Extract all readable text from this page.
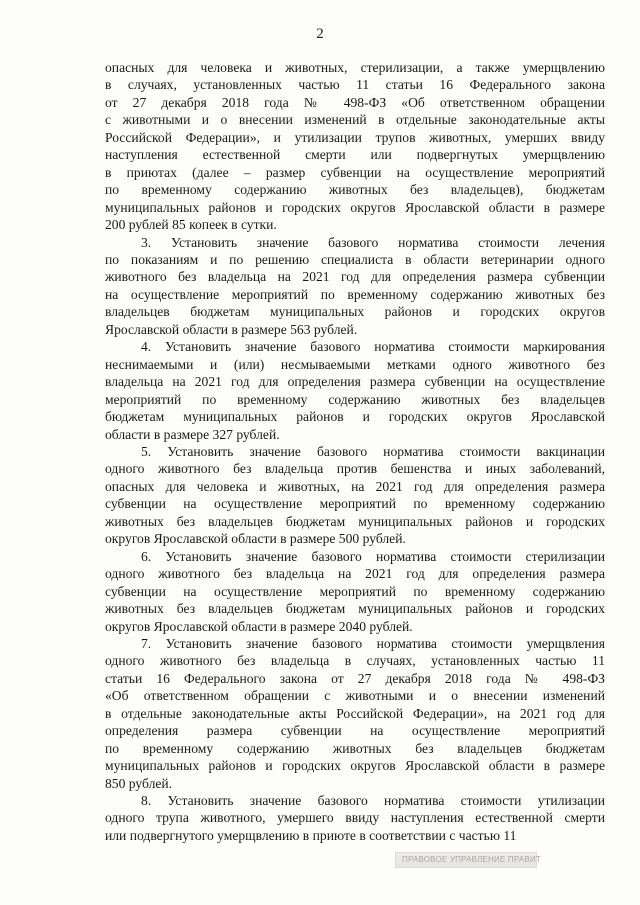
2
опасных для человека и животных, стерилизации, а также умерщвлению
в случаях, установленных частью 11 статьи 16 Федерального закона
от 27 декабря 2018 года № 498-ФЗ «Об ответственном обращении
с животными и о внесении изменений в отдельные законодательные акты
Российской Федерации», и утилизации трупов животных, умерших ввиду
наступления естественной смерти или подвергнутых умерщвлению
в приютах (далее – размер субвенции на осуществление мероприятий
по временному содержанию животных без владельцев), бюджетам
муниципальных районов и городских округов Ярославской области в размере
200 рублей 85 копеек в сутки.
3. Установить значение базового норматива стоимости лечения
по показаниям и по решению специалиста в области ветеринарии одного
животного без владельца на 2021 год для определения размера субвенции
на осуществление мероприятий по временному содержанию животных без
владельцев бюджетам муниципальных районов и городских округов
Ярославской области в размере 563 рублей.
4. Установить значение базового норматива стоимости маркирования
неснимаемыми и (или) несмываемыми метками одного животного без
владельца на 2021 год для определения размера субвенции на осуществление
мероприятий по временному содержанию животных без владельцев
бюджетам муниципальных районов и городских округов Ярославской
области в размере 327 рублей.
5. Установить значение базового норматива стоимости вакцинации
одного животного без владельца против бешенства и иных заболеваний,
опасных для человека и животных, на 2021 год для определения размера
субвенции на осуществление мероприятий по временному содержанию
животных без владельцев бюджетам муниципальных районов и городских
округов Ярославской области в размере 500 рублей.
6. Установить значение базового норматива стоимости стерилизации
одного животного без владельца на 2021 год для определения размера
субвенции на осуществление мероприятий по временному содержанию
животных без владельцев бюджетам муниципальных районов и городских
округов Ярославской области в размере 2040 рублей.
7. Установить значение базового норматива стоимости умерщвления
одного животного без владельца в случаях, установленных частью 11
статьи 16 Федерального закона от 27 декабря 2018 года № 498-ФЗ
«Об ответственном обращении с животными и о внесении изменений
в отдельные законодательные акты Российской Федерации», на 2021 год для
определения размера субвенции на осуществление мероприятий
по временному содержанию животных без владельцев бюджетам
муниципальных районов и городских округов Ярославской области в размере
850 рублей.
8. Установить значение базового норматива стоимости утилизации
одного трупа животного, умершего ввиду наступления естественной смерти
или подвергнутого умерщвлению в приюте в соответствии с частью 11
ПРАВОВОЕ УПРАВЛЕНИЕ ПРАВИТ
